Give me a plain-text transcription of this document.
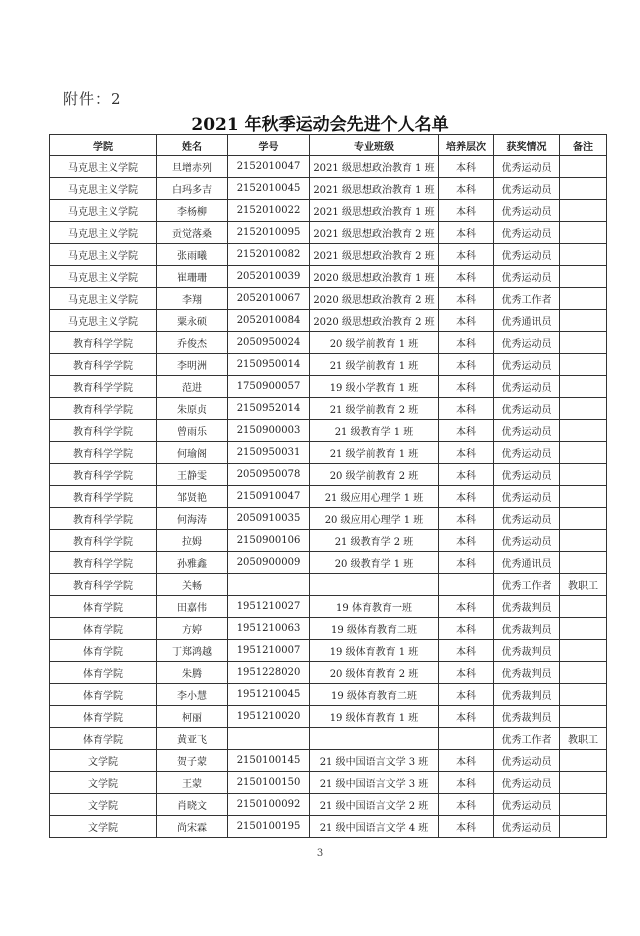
附件：2
2021 年秋季运动会先进个人名单
学院	姓名	学号	专业班级	培养层次	获奖情况	备注
马克思主义学院	旦增赤列	2152010047	2021 级思想政治教育 1 班	本科	优秀运动员	
马克思主义学院	白玛多吉	2152010045	2021 级思想政治教育 1 班	本科	优秀运动员	
马克思主义学院	李杨柳	2152010022	2021 级思想政治教育 1 班	本科	优秀运动员	
马克思主义学院	贡觉落桑	2152010095	2021 级思想政治教育 2 班	本科	优秀运动员	
马克思主义学院	张雨曦	2152010082	2021 级思想政治教育 2 班	本科	优秀运动员	
马克思主义学院	崔珊珊	2052010039	2020 级思想政治教育 1 班	本科	优秀运动员	
马克思主义学院	李翔	2052010067	2020 级思想政治教育 2 班	本科	优秀工作者	
马克思主义学院	粟永硕	2052010084	2020 级思想政治教育 2 班	本科	优秀通讯员	
教育科学学院	乔俊杰	2050950024	20 级学前教育 1 班	本科	优秀运动员	
教育科学学院	李明洲	2150950014	21 级学前教育 1 班	本科	优秀运动员	
教育科学学院	范进	1750900057	19 级小学教育 1 班	本科	优秀运动员	
教育科学学院	朱原贞	2150952014	21 级学前教育 2 班	本科	优秀运动员	
教育科学学院	曾雨乐	2150900003	21 级教育学 1 班	本科	优秀运动员	
教育科学学院	何瑜阁	2150950031	21 级学前教育 1 班	本科	优秀运动员	
教育科学学院	王静雯	2050950078	20 级学前教育 2 班	本科	优秀运动员	
教育科学学院	邹贤艳	2150910047	21 级应用心理学 1 班	本科	优秀运动员	
教育科学学院	何海涛	2050910035	20 级应用心理学 1 班	本科	优秀运动员	
教育科学学院	拉姆	2150900106	21 级教育学 2 班	本科	优秀运动员	
教育科学学院	孙雅鑫	2050900009	20 级教育学 1 班	本科	优秀通讯员	
教育科学学院	关畅				优秀工作者	教职工
体育学院	田嘉伟	1951210027	19 体育教育一班	本科	优秀裁判员	
体育学院	方婷	1951210063	19 级体育教育二班	本科	优秀裁判员	
体育学院	丁郑鸿越	1951210007	19 级体育教育 1 班	本科	优秀裁判员	
体育学院	朱腾	1951228020	20 级体育教育 2 班	本科	优秀裁判员	
体育学院	李小慧	1951210045	19 级体育教育二班	本科	优秀裁判员	
体育学院	柯丽	1951210020	19 级体育教育 1 班	本科	优秀裁判员	
体育学院	黄亚飞				优秀工作者	教职工
文学院	贺子蒙	2150100145	21 级中国语言文学 3 班	本科	优秀运动员	
文学院	王蒙	2150100150	21 级中国语言文学 3 班	本科	优秀运动员	
文学院	肖晓文	2150100092	21 级中国语言文学 2 班	本科	优秀运动员	
文学院	尚宋霖	2150100195	21 级中国语言文学 4 班	本科	优秀运动员	
3
